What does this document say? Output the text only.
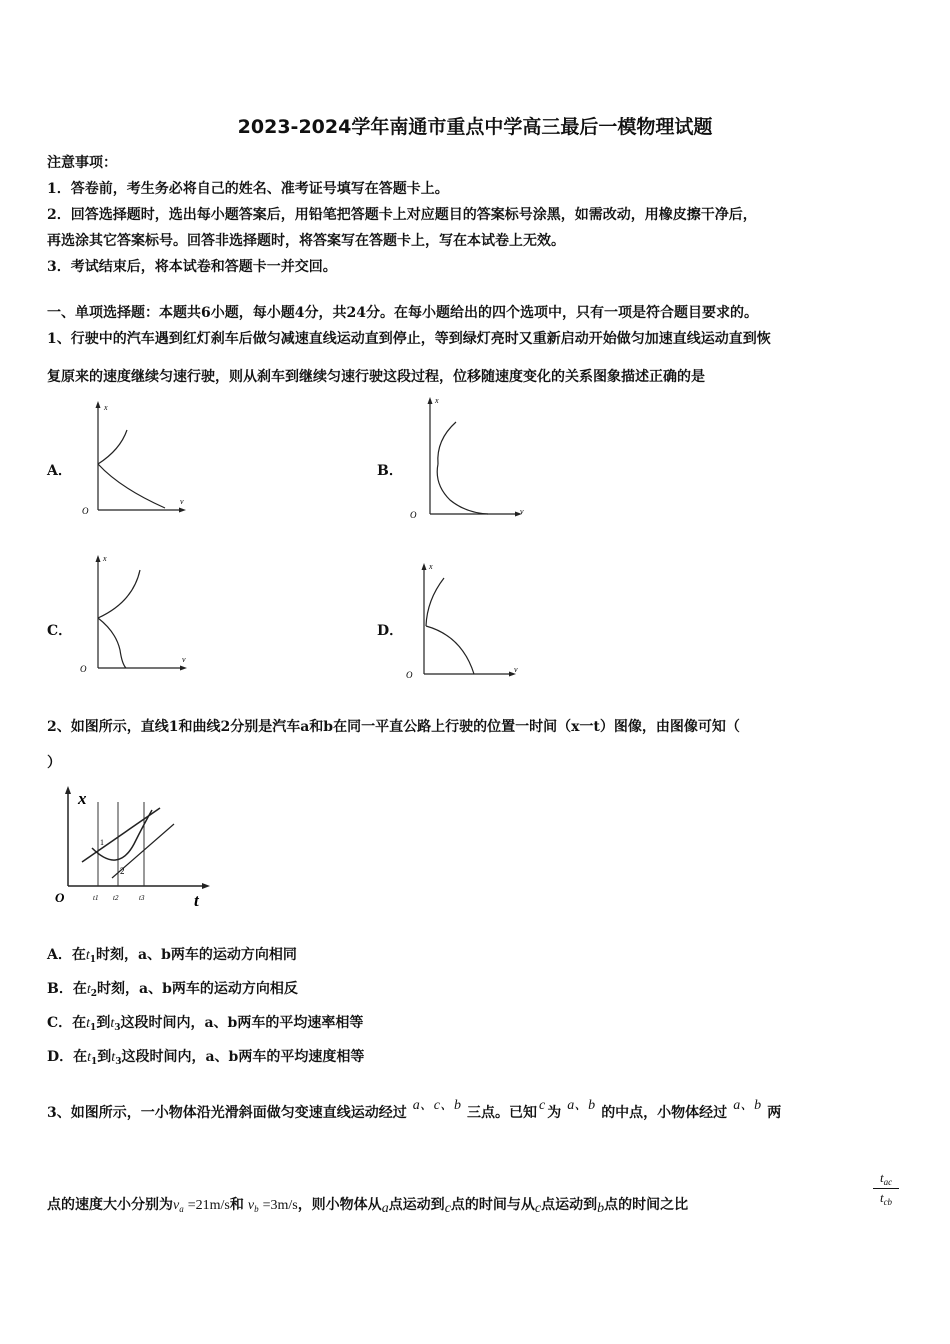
2023-2024学年南通市重点中学高三最后一模物理试题
注意事项：
1．答卷前，考生务必将自己的姓名、准考证号填写在答题卡上。
2．回答选择题时，选出每小题答案后，用铅笔把答题卡上对应题目的答案标号涂黑，如需改动，用橡皮擦干净后，
再选涂其它答案标号。回答非选择题时，将答案写在答题卡上，写在本试卷上无效。
3．考试结束后，将本试卷和答题卡一并交回。
一、单项选择题：本题共6小题，每小题4分，共24分。在每小题给出的四个选项中，只有一项是符合题目要求的。
1、行驶中的汽车遇到红灯刹车后做匀减速直线运动直到停止，等到绿灯亮时又重新启动开始做匀加速直线运动直到恢
复原来的速度继续匀速行驶，则从刹车到继续匀速行驶这段过程，位移随速度变化的关系图象描述正确的是
A．	B．
C．	D．
x
v
O
x
v
O
x
v
O
x
v
O
2、如图所示，直线1和曲线2分别是汽车a和b在同一平直公路上行驶的位置一时间（x一t）图像，由图像可知（
）
x
t
O	t1 t2	t3
1
2
A．在$t_1$时刻，a、b两车的运动方向相同
B．在$t_2$时刻，a、b两车的运动方向相反
C．在$t_1$到$t_3$这段时间内，a、b两车的平均速率相等
D．在$t_1$到$t_3$这段时间内，a、b两车的平均速度相等
3、如图所示，一小物体沿光滑斜面做匀变速直线运动经过 a、c、b 三点。已知 c 为 a、b 的中点，小物体经过 a、b 两
点的速度大小分别为$v_a =21m/s$和 $v_b =3m/s$，则小物体从a点运动到c点的时间与从c点运动到b点的时间之比
$t_{ac}$
$t_{cb}$
